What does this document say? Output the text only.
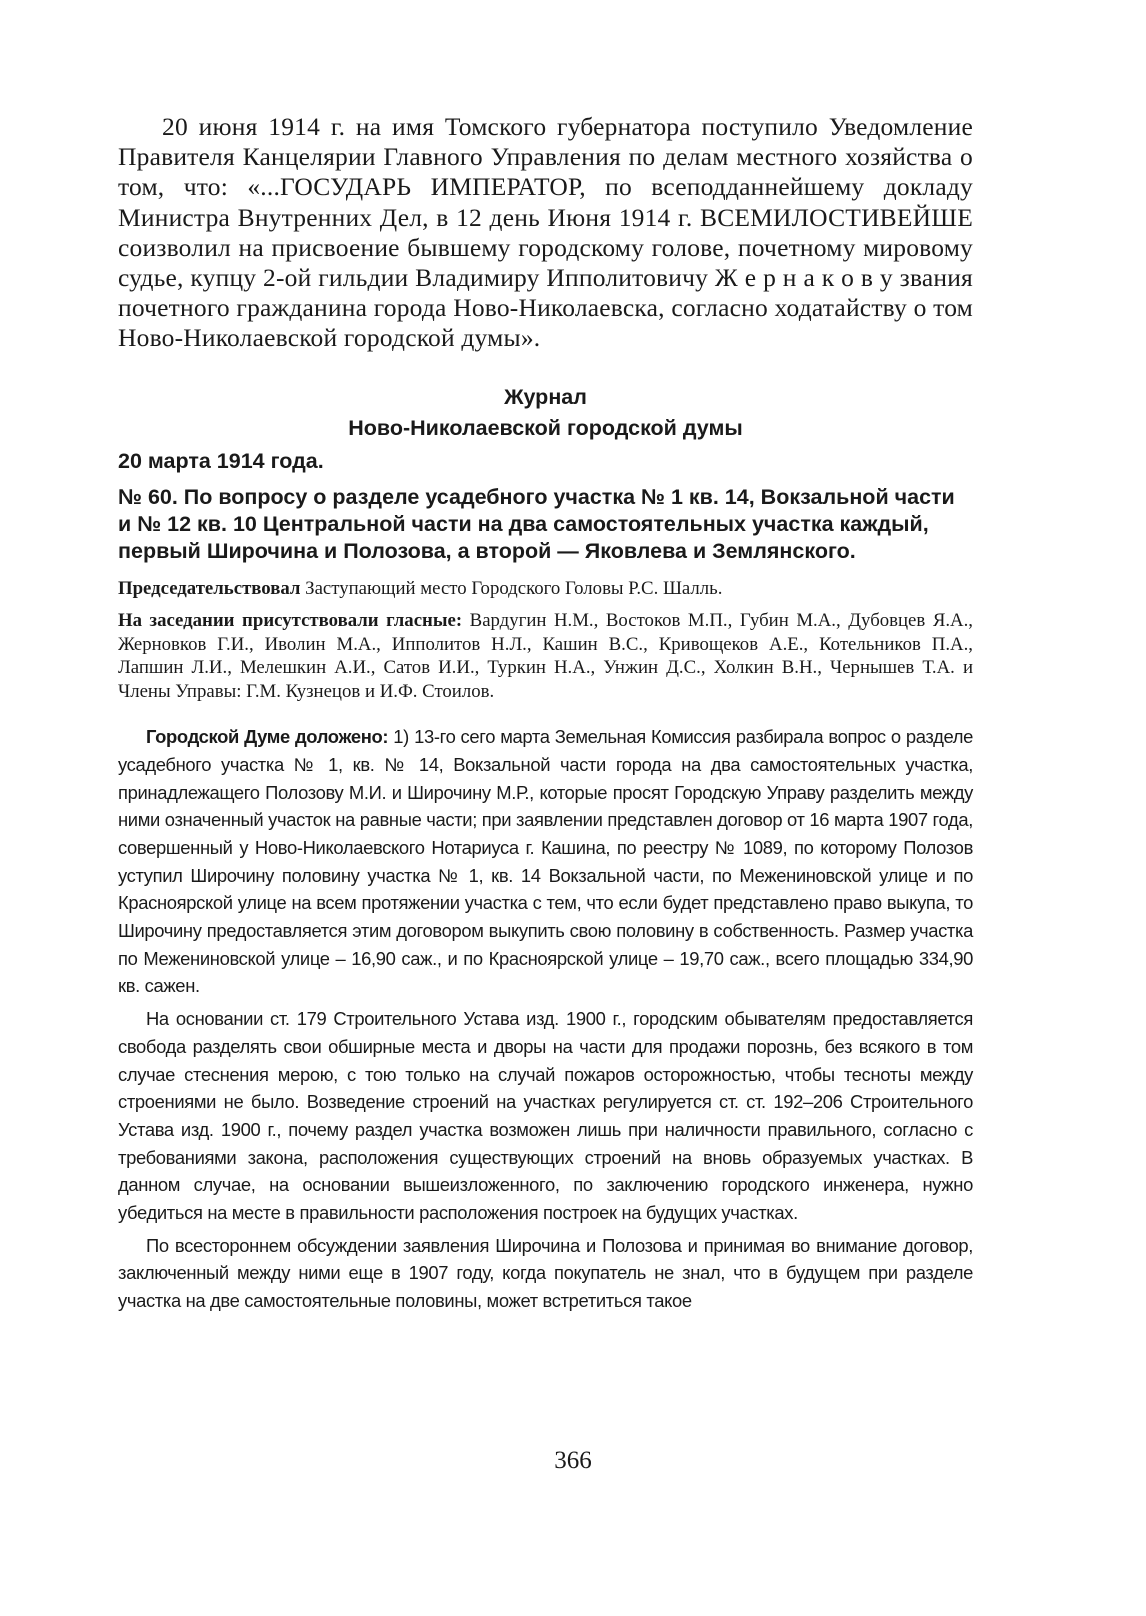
20 июня 1914 г. на имя Томского губернатора поступило Уведомление Правителя Канцелярии Главного Управления по делам местного хозяйства о том, что: «...ГОСУДАРЬ ИМПЕРАТОР, по всеподданнейшему докладу Министра Внутренних Дел, в 12 день Июня 1914 г. ВСЕМИЛОСТИВЕЙШЕ соизволил на присвоение бывшему городскому голове, почетному мировому судье, купцу 2-ой гильдии Владимиру Ипполитовичу Ж е р н а к о в у звания почетного гражданина города Ново-Николаевска, согласно ходатайству о том Ново-Николаевской городской думы».

Журнал
Ново-Николаевской городской думы
20 марта 1914 года.
№ 60. По вопросу о разделе усадебного участка № 1 кв. 14, Вокзальной части и № 12 кв. 10 Центральной части на два самостоятельных участка каждый, первый Широчина и Полозова, а второй — Яковлева и Землянского.

Председательствовал Заступающий место Городского Головы Р.С. Шалль.

На заседании присутствовали гласные: Вардугин Н.М., Востоков М.П., Губин М.А., Дубовцев Я.А., Жерновков Г.И., Иволин М.А., Ипполитов Н.Л., Кашин В.С., Кривощеков А.Е., Котельников П.А., Лапшин Л.И., Мелешкин А.И., Сатов И.И., Туркин Н.А., Унжин Д.С., Холкин В.Н., Чернышев Т.А. и Члены Управы: Г.М. Кузнецов и И.Ф. Стоилов.

Городской Думе доложено: 1) 13-го сего марта Земельная Комиссия разбирала вопрос о разделе усадебного участка № 1, кв. № 14, Вокзальной части города на два самостоятельных участка, принадлежащего Полозову М.И. и Широчину М.Р., которые просят Городскую Управу разделить между ними означенный участок на равные части; при заявлении представлен договор от 16 марта 1907 года, совершенный у Ново-Николаевского Нотариуса г. Кашина, по реестру № 1089, по которому Полозов уступил Широчину половину участка № 1, кв. 14 Вокзальной части, по Межениновской улице и по Красноярской улице на всем протяжении участка с тем, что если будет представлено право выкупа, то Широчину предоставляется этим договором выкупить свою половину в собственность. Размер участка по Межениновской улице – 16,90 саж., и по Красноярской улице – 19,70 саж., всего площадью 334,90 кв. сажен.

На основании ст. 179 Строительного Устава изд. 1900 г., городским обывателям предоставляется свобода разделять свои обширные места и дворы на части для продажи порознь, без всякого в том случае стеснения мерою, с тою только на случай пожаров осторожностью, чтобы тесноты между строениями не было. Возведение строений на участках регулируется ст. ст. 192–206 Строительного Устава изд. 1900 г., почему раздел участка возможен лишь при наличности правильного, согласно с требованиями закона, расположения существующих строений на вновь образуемых участках. В данном случае, на основании вышеизложенного, по заключению городского инженера, нужно убедиться на месте в правильности расположения построек на будущих участках.

По всестороннем обсуждении заявления Широчина и Полозова и принимая во внимание договор, заключенный между ними еще в 1907 году, когда покупатель не знал, что в будущем при разделе участка на две самостоятельные половины, может встретиться такое

366
